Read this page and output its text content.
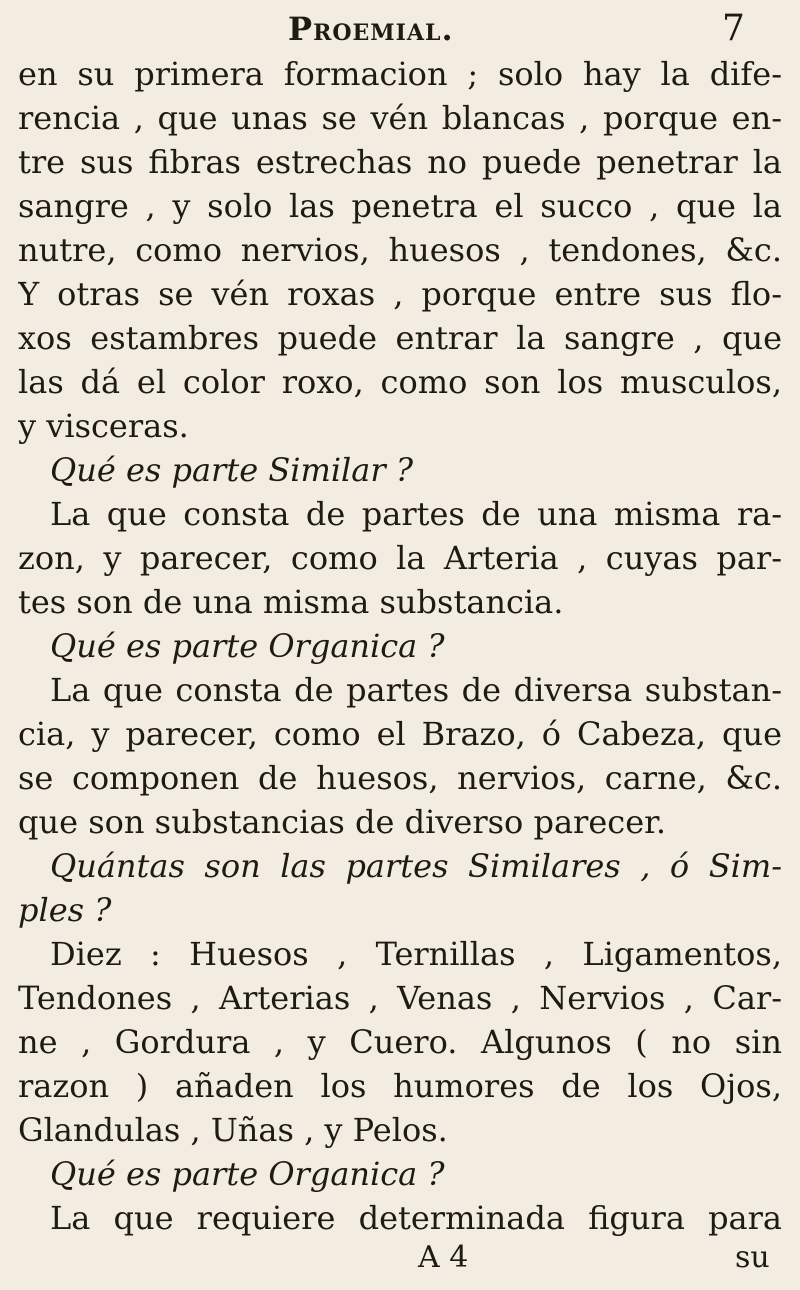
Proemial.	7
en su primera formacion ; solo hay la dife-
rencia , que unas se vén blancas , porque en-
tre sus fibras estrechas no puede penetrar la
sangre , y solo las penetra el succo , que la
nutre, como nervios, huesos , tendones, &c.
Y otras se vén roxas , porque entre sus flo-
xos estambres puede entrar la sangre , que
las dá el color roxo, como son los musculos,
y visceras.
Qué es parte Similar ?
La que consta de partes de una misma ra-
zon, y parecer, como la Arteria , cuyas par-
tes son de una misma substancia.
Qué es parte Organica ?
La que consta de partes de diversa substan-
cia, y parecer, como el Brazo, ó Cabeza, que
se componen de huesos, nervios, carne, &c.
que son substancias de diverso parecer.
Quántas son las partes Similares , ó Sim-
ples ?
Diez : Huesos , Ternillas , Ligamentos,
Tendones , Arterias , Venas , Nervios , Car-
ne , Gordura , y Cuero. Algunos ( no sin
razon ) añaden los humores de los Ojos,
Glandulas , Uñas , y Pelos.
Qué es parte Organica ?
La que requiere determinada figura para
A 4	su
